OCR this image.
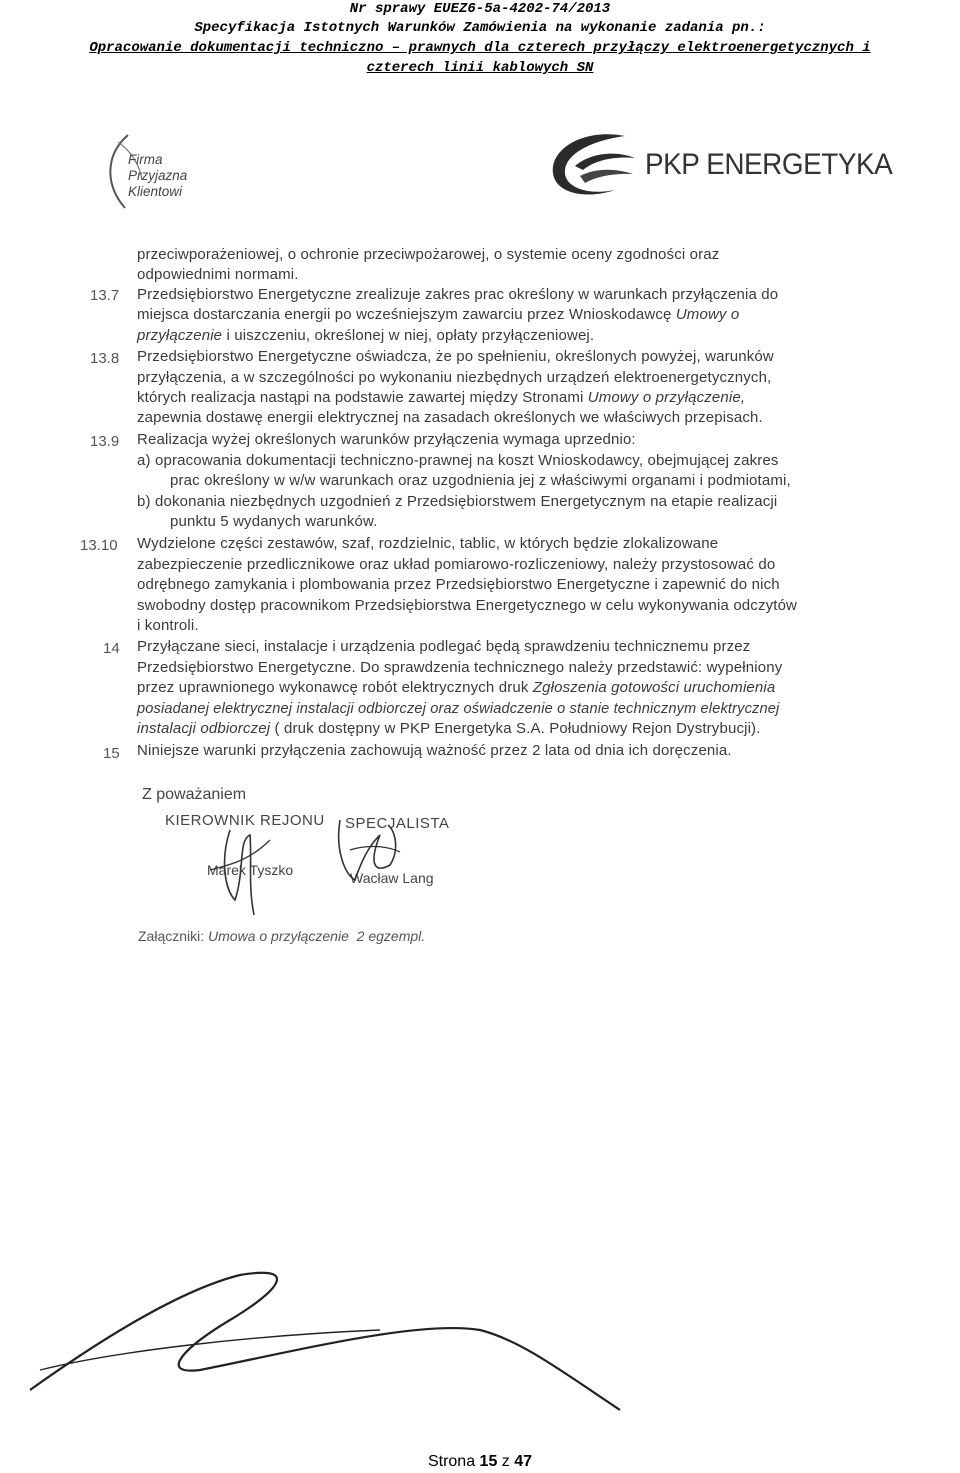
Nr sprawy EUEZ6-5a-4202-74/2013
Specyfikacja Istotnych Warunków Zamówienia na wykonanie zadania pn.:
Opracowanie dokumentacji techniczno – prawnych dla czterech przyłączy elektroenergetycznych i
czterech linii kablowych SN
Firma
Przyjazna
Klientowi
PKP ENERGETYKA
przeciwporażeniowej, o ochronie przeciwpożarowej, o systemie oceny zgodności oraz
odpowiednimi normami.
13.7 Przedsiębiorstwo Energetyczne zrealizuje zakres prac określony w warunkach przyłączenia do
miejsca dostarczania energii po wcześniejszym zawarciu przez Wnioskodawcę Umowy o
przyłączenie i uiszczeniu, określonej w niej, opłaty przyłączeniowej.
13.8 Przedsiębiorstwo Energetyczne oświadcza, że po spełnieniu, określonych powyżej, warunków
przyłączenia, a w szczególności po wykonaniu niezbędnych urządzeń elektroenergetycznych,
których realizacja nastąpi na podstawie zawartej między Stronami Umowy o przyłączenie,
zapewnia dostawę energii elektrycznej na zasadach określonych we właściwych przepisach.
13.9 Realizacja wyżej określonych warunków przyłączenia wymaga uprzednio:
a) opracowania dokumentacji techniczno-prawnej na koszt Wnioskodawcy, obejmującej zakres
prac określony w w/w warunkach oraz uzgodnienia jej z właściwymi organami i podmiotami,
b) dokonania niezbędnych uzgodnień z Przedsiębiorstwem Energetycznym na etapie realizacji
punktu 5 wydanych warunków.
13.10 Wydzielone części zestawów, szaf, rozdzielnic, tablic, w których będzie zlokalizowane
zabezpieczenie przedlicznikowe oraz układ pomiarowo-rozliczeniowy, należy przystosować do
odrębnego zamykania i plombowania przez Przedsiębiorstwo Energetyczne i zapewnić do nich
swobodny dostęp pracownikom Przedsiębiorstwa Energetycznego w celu wykonywania odczytów
i kontroli.
14 Przyłączane sieci, instalacje i urządzenia podlegać będą sprawdzeniu technicznemu przez
Przedsiębiorstwo Energetyczne. Do sprawdzenia technicznego należy przedstawić: wypełniony
przez uprawnionego wykonawcę robót elektrycznych druk Zgłoszenia gotowości uruchomienia
posiadanej elektrycznej instalacji odbiorczej oraz oświadczenie o stanie technicznym elektrycznej
instalacji odbiorczej ( druk dostępny w PKP Energetyka S.A. Południowy Rejon Dystrybucji).
15 Niniejsze warunki przyłączenia zachowują ważność przez 2 lata od dnia ich doręczenia.
Z poważaniem
KIEROWNIK REJONU SPECJALISTA
Marek Tyszko	Wacław Lang
Załączniki: Umowa o przyłączenie 2 egzempl.
Strona 15 z 47
